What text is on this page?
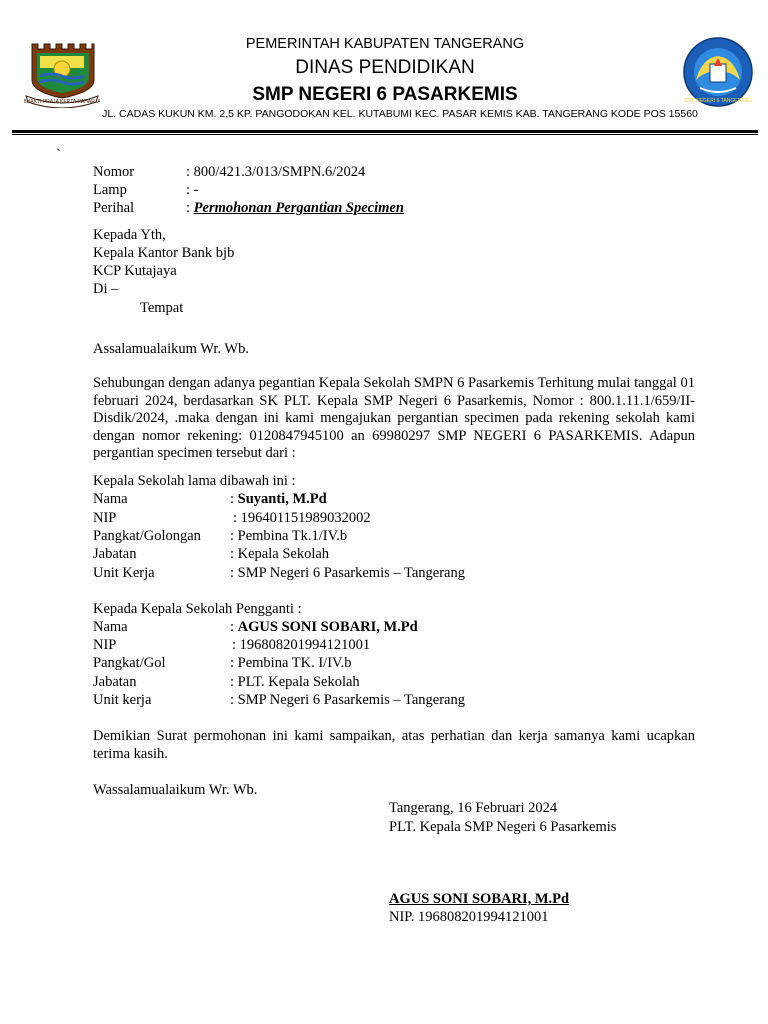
BHAKTI PRAJA KERTA RAHARJA	SMP NEGERI 6 TANGERANG
PEMERINTAH KABUPATEN TANGERANG
DINAS PENDIDIKAN
SMP NEGERI 6 PASARKEMIS
JL. CADAS KUKUN KM. 2,5 KP. PANGODOKAN KEL. KUTABUMI KEC. PASAR KEMIS KAB. TANGERANG KODE POS 15560
`
Nomor	: 800/421.3/013/SMPN.6/2024
Lamp	: -
Perihal	: Permohonan Pergantian Specimen
Kepada Yth,
Kepala Kantor Bank bjb
KCP Kutajaya
Di –
Tempat
Assalamualaikum Wr. Wb.
Sehubungan dengan adanya pegantian Kepala Sekolah SMPN 6 Pasarkemis Terhitung mulai tanggal 01 februari 2024, berdasarkan SK PLT. Kepala SMP Negeri 6 Pasarkemis, Nomor : 800.1.11.1/659/II-Disdik/2024, .maka dengan ini kami mengajukan pergantian specimen pada rekening sekolah kami dengan nomor rekening: 0120847945100 an 69980297 SMP NEGERI 6 PASARKEMIS. Adapun pergantian specimen tersebut dari :
Kepala Sekolah lama dibawah ini :
Nama	: Suyanti, M.Pd
NIP	: 196401151989032002
Pangkat/Golongan : Pembina Tk.1/IV.b
Jabatan	: Kepala Sekolah
Unit Kerja	: SMP Negeri 6 Pasarkemis – Tangerang
Kepada Kepala Sekolah Pengganti :
Nama	: AGUS SONI SOBARI, M.Pd
NIP	: 196808201994121001
Pangkat/Gol	: Pembina TK. I/IV.b
Jabatan	: PLT. Kepala Sekolah
Unit kerja	: SMP Negeri 6 Pasarkemis – Tangerang
Demikian Surat permohonan ini kami sampaikan, atas perhatian dan kerja samanya kami ucapkan terima kasih.
Wassalamualaikum Wr. Wb.
Tangerang, 16 Februari 2024
PLT. Kepala SMP Negeri 6 Pasarkemis
AGUS SONI SOBARI, M.Pd
NIP. 196808201994121001
